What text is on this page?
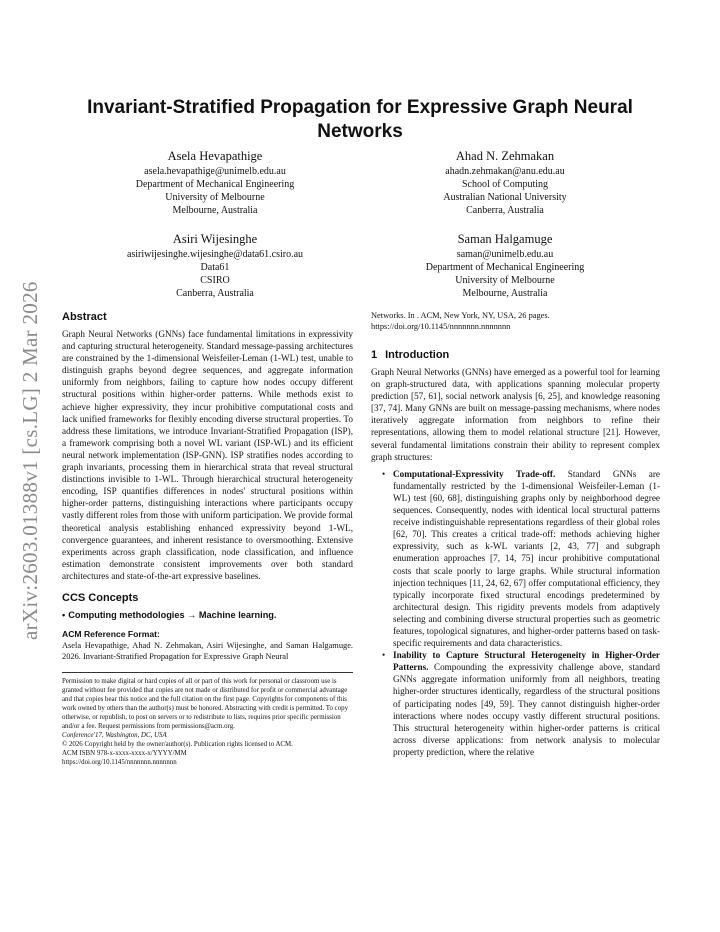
arXiv:2603.01388v1 [cs.LG] 2 Mar 2026
Invariant-Stratified Propagation for Expressive Graph Neural Networks
Asela Hevapathige
asela.hevapathige@unimelb.edu.au
Department of Mechanical Engineering
University of Melbourne
Melbourne, Australia
Ahad N. Zehmakan
ahadn.zehmakan@anu.edu.au
School of Computing
Australian National University
Canberra, Australia
Asiri Wijesinghe
asiriwijesinghe.wijesinghe@data61.csiro.au
Data61
CSIRO
Canberra, Australia
Saman Halgamuge
saman@unimelb.edu.au
Department of Mechanical Engineering
University of Melbourne
Melbourne, Australia
Abstract

Graph Neural Networks (GNNs) face fundamental limitations in expressivity and capturing structural heterogeneity. Standard message-passing architectures are constrained by the 1-dimensional Weisfeiler-Leman (1-WL) test, unable to distinguish graphs beyond degree sequences, and aggregate information uniformly from neighbors, failing to capture how nodes occupy different structural positions within higher-order patterns. While methods exist to achieve higher expressivity, they incur prohibitive computational costs and lack unified frameworks for flexibly encoding diverse structural properties. To address these limitations, we introduce Invariant-Stratified Propagation (ISP), a framework comprising both a novel WL variant (ISP-WL) and its efficient neural network implementation (ISP-GNN). ISP stratifies nodes according to graph invariants, processing them in hierarchical strata that reveal structural distinctions invisible to 1-WL. Through hierarchical structural heterogeneity encoding, ISP quantifies differences in nodes' structural positions within higher-order patterns, distinguishing interactions where participants occupy vastly different roles from those with uniform participation. We provide formal theoretical analysis establishing enhanced expressivity beyond 1-WL, convergence guarantees, and inherent resistance to oversmoothing. Extensive experiments across graph classification, node classification, and influence estimation demonstrate consistent improvements over both standard architectures and state-of-the-art expressive baselines.

CCS Concepts
• Computing methodologies → Machine learning.
ACM Reference Format:

Asela Hevapathige, Ahad N. Zehmakan, Asiri Wijesinghe, and Saman Halgamuge. 2026. Invariant-Stratified Propagation for Expressive Graph Neural

Permission to make digital or hard copies of all or part of this work for personal or classroom use is granted without fee provided that copies are not made or distributed for profit or commercial advantage and that copies bear this notice and the full citation on the first page. Copyrights for components of this work owned by others than the author(s) must be honored. Abstracting with credit is permitted. To copy otherwise, or republish, to post on servers or to redistribute to lists, requires prior specific permission and/or a fee. Request permissions from permissions@acm.org.
Conference'17, Washington, DC, USA
© 2026 Copyright held by the owner/author(s). Publication rights licensed to ACM.
ACM ISBN 978-x-xxxx-xxxx-x/YYYY/MM
https://doi.org/10.1145/nnnnnnn.nnnnnnn

Networks. In . ACM, New York, NY, USA, 26 pages. https://doi.org/10.1145/nnnnnnn.nnnnnnn

1 Introduction

Graph Neural Networks (GNNs) have emerged as a powerful tool for learning on graph-structured data, with applications spanning molecular property prediction [57, 61], social network analysis [6, 25], and knowledge reasoning [37, 74]. Many GNNs are built on message-passing mechanisms, where nodes iteratively aggregate information from neighbors to refine their representations, allowing them to model relational structure [21]. However, several fundamental limitations constrain their ability to represent complex graph structures:

• Computational-Expressivity Trade-off. Standard GNNs are fundamentally restricted by the 1-dimensional Weisfeiler-Leman (1-WL) test [60, 68], distinguishing graphs only by neighborhood degree sequences. Consequently, nodes with identical local structural patterns receive indistinguishable representations regardless of their global roles [62, 70]. This creates a critical trade-off: methods achieving higher expressivity, such as k-WL variants [2, 43, 77] and subgraph enumeration approaches [7, 14, 75] incur prohibitive computational costs that scale poorly to large graphs. While structural information injection techniques [11, 24, 62, 67] offer computational efficiency, they typically incorporate fixed structural encodings predetermined by architectural design. This rigidity prevents models from adaptively selecting and combining diverse structural properties such as geometric features, topological signatures, and higher-order patterns based on task-specific requirements and data characteristics.
• Inability to Capture Structural Heterogeneity in Higher-Order Patterns. Compounding the expressivity challenge above, standard GNNs aggregate information uniformly from all neighbors, treating higher-order structures identically, regardless of the structural positions of participating nodes [49, 59]. They cannot distinguish higher-order interactions where nodes occupy vastly different structural positions. This structural heterogeneity within higher-order patterns is critical across diverse applications: from network analysis to molecular property prediction, where the relative
